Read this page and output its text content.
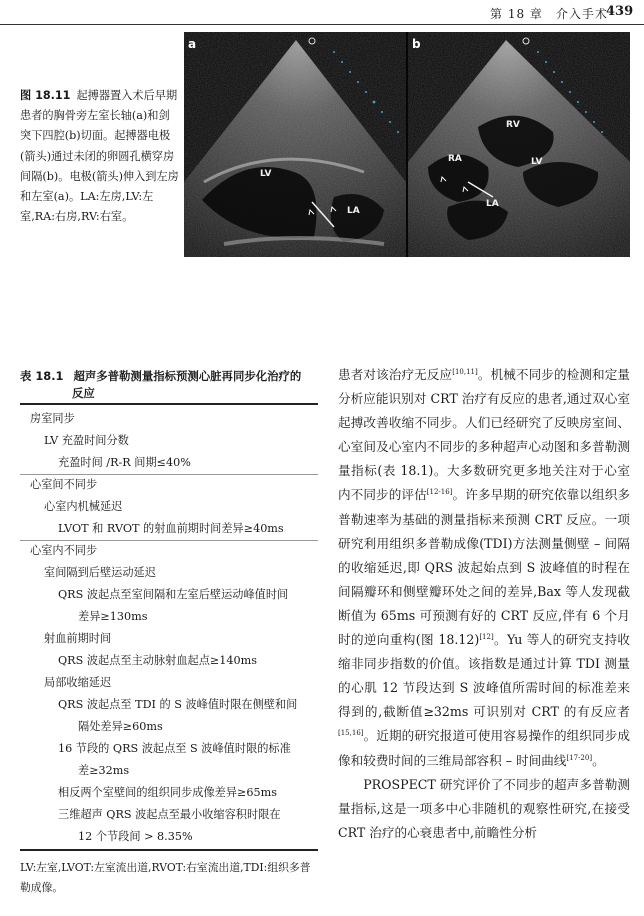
第 18 章　介入手术
439
图 18.11 起搏器置入术后早期患者的胸骨旁左室长轴(a)和剑突下四腔(b)切面。起搏器电极(箭头)通过未闭的卵圆孔横穿房间隔(b)。电极(箭头)伸入到左房和左室(a)。LA:左房,LV:左室,RA:右房,RV:右室。
a
LV
LA
b
RV
RA	LV
LA
表 18.1 超声多普勒测量指标预测心脏再同步化治疗的
反应
房室同步
LV 充盈时间分数
充盈时间 /R-R 间期≤40%
心室间不同步
心室内机械延迟
LVOT 和 RVOT 的射血前期时间差异≥40ms
心室内不同步
室间隔到后壁运动延迟
QRS 波起点至室间隔和左室后壁运动峰值时间
差异≥130ms
射血前期时间
QRS 波起点至主动脉射血起点≥140ms
局部收缩延迟
QRS 波起点至 TDI 的 S 波峰值时限在侧壁和间
隔处差异≥60ms
16 节段的 QRS 波起点至 S 波峰值时限的标准
差≥32ms
相反两个室壁间的组织同步成像差异≥65ms
三维超声 QRS 波起点至最小收缩容积时限在
12 个节段间 > 8.35%
LV:左室,LVOT:左室流出道,RVOT:右室流出道,TDI:组织多普勒成像。

患者对该治疗无反应[10,11]。机械不同步的检测和定量分析应能识别对 CRT 治疗有反应的患者,通过双心室起搏改善收缩不同步。人们已经研究了反映房室间、心室间及心室内不同步的多种超声心动图和多普勒测量指标(表 18.1)。大多数研究更多地关注对于心室内不同步的评估[12-16]。许多早期的研究依靠以组织多普勒速率为基础的测量指标来预测 CRT 反应。一项研究利用组织多普勒成像(TDI)方法测量侧壁 – 间隔的收缩延迟,即 QRS 波起始点到 S 波峰值的时程在间隔瓣环和侧壁瓣环处之间的差异,Bax 等人发现截断值为 65ms 可预测有好的 CRT 反应,伴有 6 个月时的逆向重构(图 18.12)[12]。Yu 等人的研究支持收缩非同步指数的价值。该指数是通过计算 TDI 测量的心肌 12 节段达到 S 波峰值所需时间的标准差来得到的,截断值≥32ms 可识别对 CRT 的有反应者[15,16]。近期的研究报道可使用容易操作的组织同步成像和较费时间的三维局部容积 – 时间曲线[17-20]。

PROSPECT 研究评价了不同步的超声多普勒测量指标,这是一项多中心非随机的观察性研究,在接受 CRT 治疗的心衰患者中,前瞻性分析
